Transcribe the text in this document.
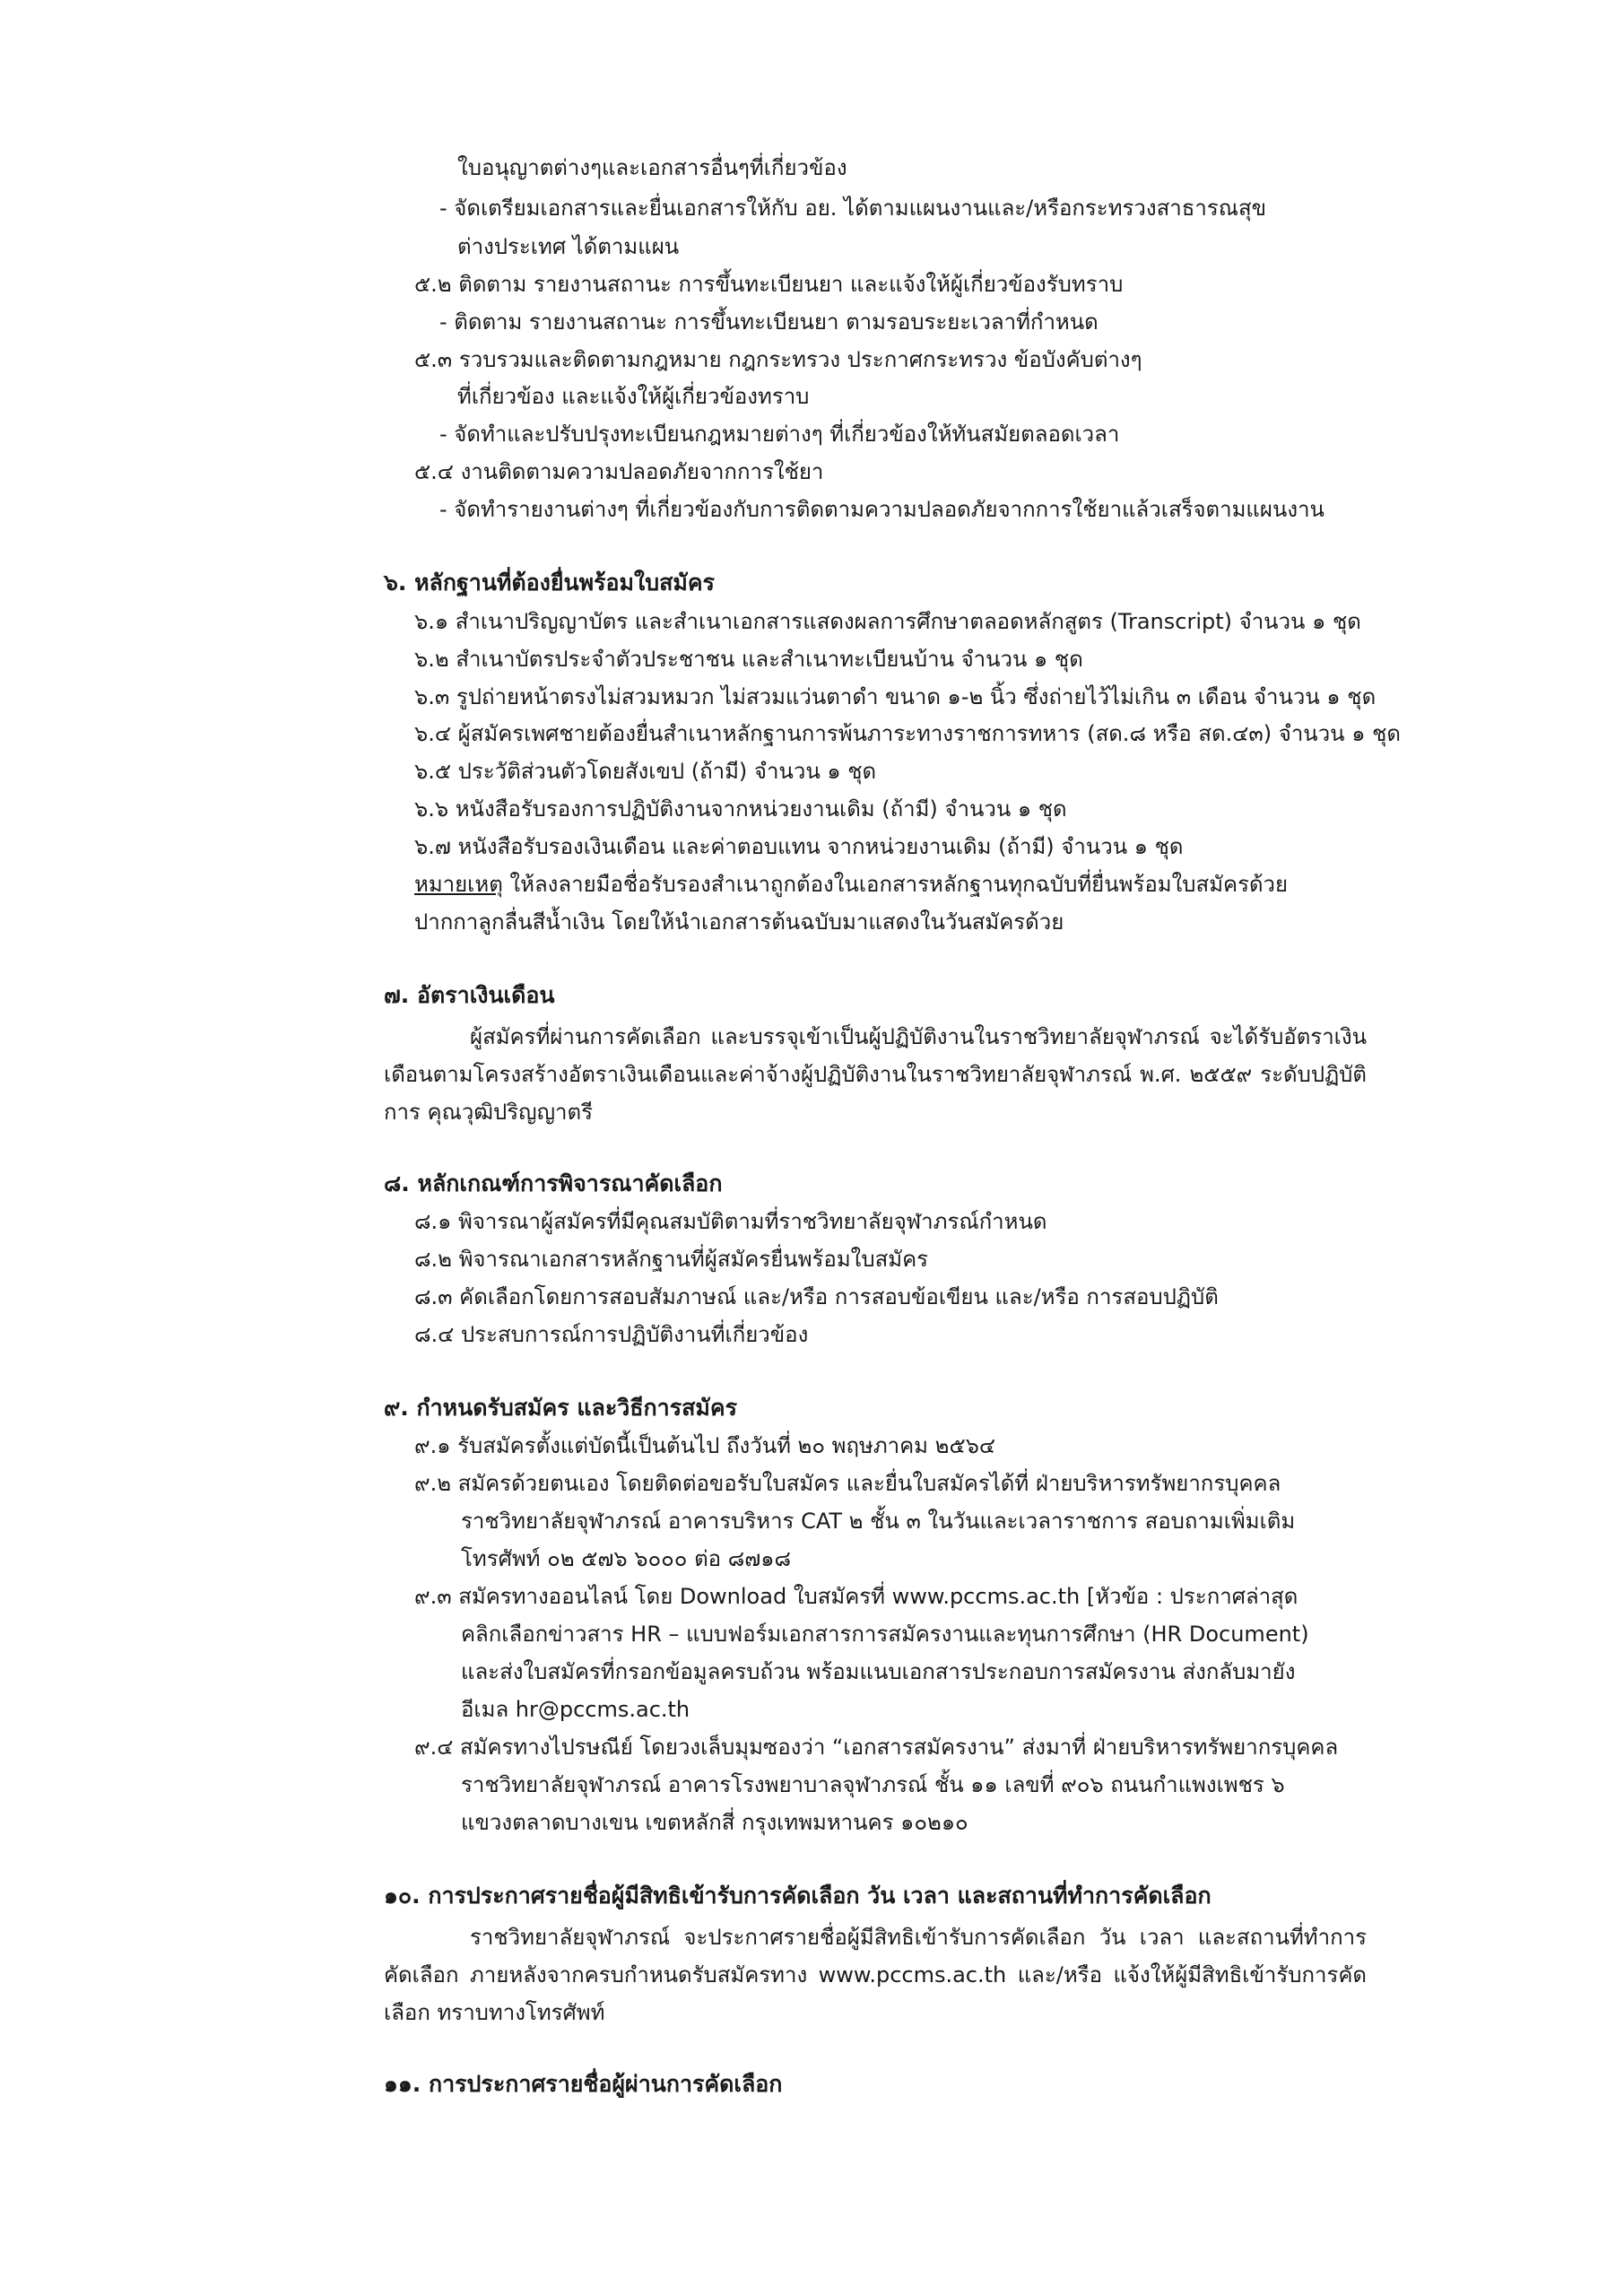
ใบอนุญาตต่างๆและเอกสารอื่นๆที่เกี่ยวข้อง
- จัดเตรียมเอกสารและยื่นเอกสารให้กับ อย. ได้ตามแผนงานและ/หรือกระทรวงสาธารณสุข
ต่างประเทศ ได้ตามแผน
๕.๒ ติดตาม รายงานสถานะ การขึ้นทะเบียนยา และแจ้งให้ผู้เกี่ยวข้องรับทราบ
- ติดตาม รายงานสถานะ การขึ้นทะเบียนยา ตามรอบระยะเวลาที่กำหนด
๕.๓ รวบรวมและติดตามกฎหมาย กฎกระทรวง ประกาศกระทรวง ข้อบังคับต่างๆ
ที่เกี่ยวข้อง และแจ้งให้ผู้เกี่ยวข้องทราบ
- จัดทำและปรับปรุงทะเบียนกฎหมายต่างๆ ที่เกี่ยวข้องให้ทันสมัยตลอดเวลา
๕.๔ งานติดตามความปลอดภัยจากการใช้ยา
- จัดทำรายงานต่างๆ ที่เกี่ยวข้องกับการติดตามความปลอดภัยจากการใช้ยาแล้วเสร็จตามแผนงาน
๖. หลักฐานที่ต้องยื่นพร้อมใบสมัคร
๖.๑ สำเนาปริญญาบัตร และสำเนาเอกสารแสดงผลการศึกษาตลอดหลักสูตร (Transcript) จำนวน ๑ ชุด
๖.๒ สำเนาบัตรประจำตัวประชาชน และสำเนาทะเบียนบ้าน จำนวน ๑ ชุด
๖.๓ รูปถ่ายหน้าตรงไม่สวมหมวก ไม่สวมแว่นตาดำ ขนาด ๑-๒ นิ้ว ซึ่งถ่ายไว้ไม่เกิน ๓ เดือน จำนวน ๑ ชุด
๖.๔ ผู้สมัครเพศชายต้องยื่นสำเนาหลักฐานการพ้นภาระทางราชการทหาร (สด.๘ หรือ สด.๔๓) จำนวน ๑ ชุด
๖.๕ ประวัติส่วนตัวโดยสังเขป (ถ้ามี) จำนวน ๑ ชุด
๖.๖ หนังสือรับรองการปฏิบัติงานจากหน่วยงานเดิม (ถ้ามี) จำนวน ๑ ชุด
๖.๗ หนังสือรับรองเงินเดือน และค่าตอบแทน จากหน่วยงานเดิม (ถ้ามี) จำนวน ๑ ชุด
หมายเหตุ ให้ลงลายมือชื่อรับรองสำเนาถูกต้องในเอกสารหลักฐานทุกฉบับที่ยื่นพร้อมใบสมัครด้วย
ปากกาลูกลื่นสีน้ำเงิน โดยให้นำเอกสารต้นฉบับมาแสดงในวันสมัครด้วย
๗. อัตราเงินเดือน
ผู้สมัครที่ผ่านการคัดเลือก และบรรจุเข้าเป็นผู้ปฏิบัติงานในราชวิทยาลัยจุฬาภรณ์ จะได้รับอัตราเงินเดือนตามโครงสร้างอัตราเงินเดือนและค่าจ้างผู้ปฏิบัติงานในราชวิทยาลัยจุฬาภรณ์ พ.ศ. ๒๕๕๙ ระดับปฏิบัติการ คุณวุฒิปริญญาตรี
๘. หลักเกณฑ์การพิจารณาคัดเลือก
๘.๑ พิจารณาผู้สมัครที่มีคุณสมบัติตามที่ราชวิทยาลัยจุฬาภรณ์กำหนด
๘.๒ พิจารณาเอกสารหลักฐานที่ผู้สมัครยื่นพร้อมใบสมัคร
๘.๓ คัดเลือกโดยการสอบสัมภาษณ์ และ/หรือ การสอบข้อเขียน และ/หรือ การสอบปฏิบัติ
๘.๔ ประสบการณ์การปฏิบัติงานที่เกี่ยวข้อง
๙. กำหนดรับสมัคร และวิธีการสมัคร
๙.๑ รับสมัครตั้งแต่บัดนี้เป็นต้นไป ถึงวันที่ ๒๐ พฤษภาคม ๒๕๖๔
๙.๒ สมัครด้วยตนเอง โดยติดต่อขอรับใบสมัคร และยื่นใบสมัครได้ที่ ฝ่ายบริหารทรัพยากรบุคคล
ราชวิทยาลัยจุฬาภรณ์ อาคารบริหาร CAT ๒ ชั้น ๓ ในวันและเวลาราชการ สอบถามเพิ่มเติม
โทรศัพท์ ๐๒ ๕๗๖ ๖๐๐๐ ต่อ ๘๗๑๘
๙.๓ สมัครทางออนไลน์ โดย Download ใบสมัครที่ www.pccms.ac.th [หัวข้อ : ประกาศล่าสุด
คลิกเลือกข่าวสาร HR – แบบฟอร์มเอกสารการสมัครงานและทุนการศึกษา (HR Document)
และส่งใบสมัครที่กรอกข้อมูลครบถ้วน พร้อมแนบเอกสารประกอบการสมัครงาน ส่งกลับมายัง
อีเมล hr@pccms.ac.th
๙.๔ สมัครทางไปรษณีย์ โดยวงเล็บมุมซองว่า “เอกสารสมัครงาน” ส่งมาที่ ฝ่ายบริหารทรัพยากรบุคคล
ราชวิทยาลัยจุฬาภรณ์ อาคารโรงพยาบาลจุฬาภรณ์ ชั้น ๑๑ เลขที่ ๙๐๖ ถนนกำแพงเพชร ๖
แขวงตลาดบางเขน เขตหลักสี่ กรุงเทพมหานคร ๑๐๒๑๐
๑๐. การประกาศรายชื่อผู้มีสิทธิเข้ารับการคัดเลือก วัน เวลา และสถานที่ทำการคัดเลือก
ราชวิทยาลัยจุฬาภรณ์ จะประกาศรายชื่อผู้มีสิทธิเข้ารับการคัดเลือก วัน เวลา และสถานที่ทำการคัดเลือก ภายหลังจากครบกำหนดรับสมัครทาง www.pccms.ac.th และ/หรือ แจ้งให้ผู้มีสิทธิเข้ารับการคัดเลือก ทราบทางโทรศัพท์
๑๑. การประกาศรายชื่อผู้ผ่านการคัดเลือก
